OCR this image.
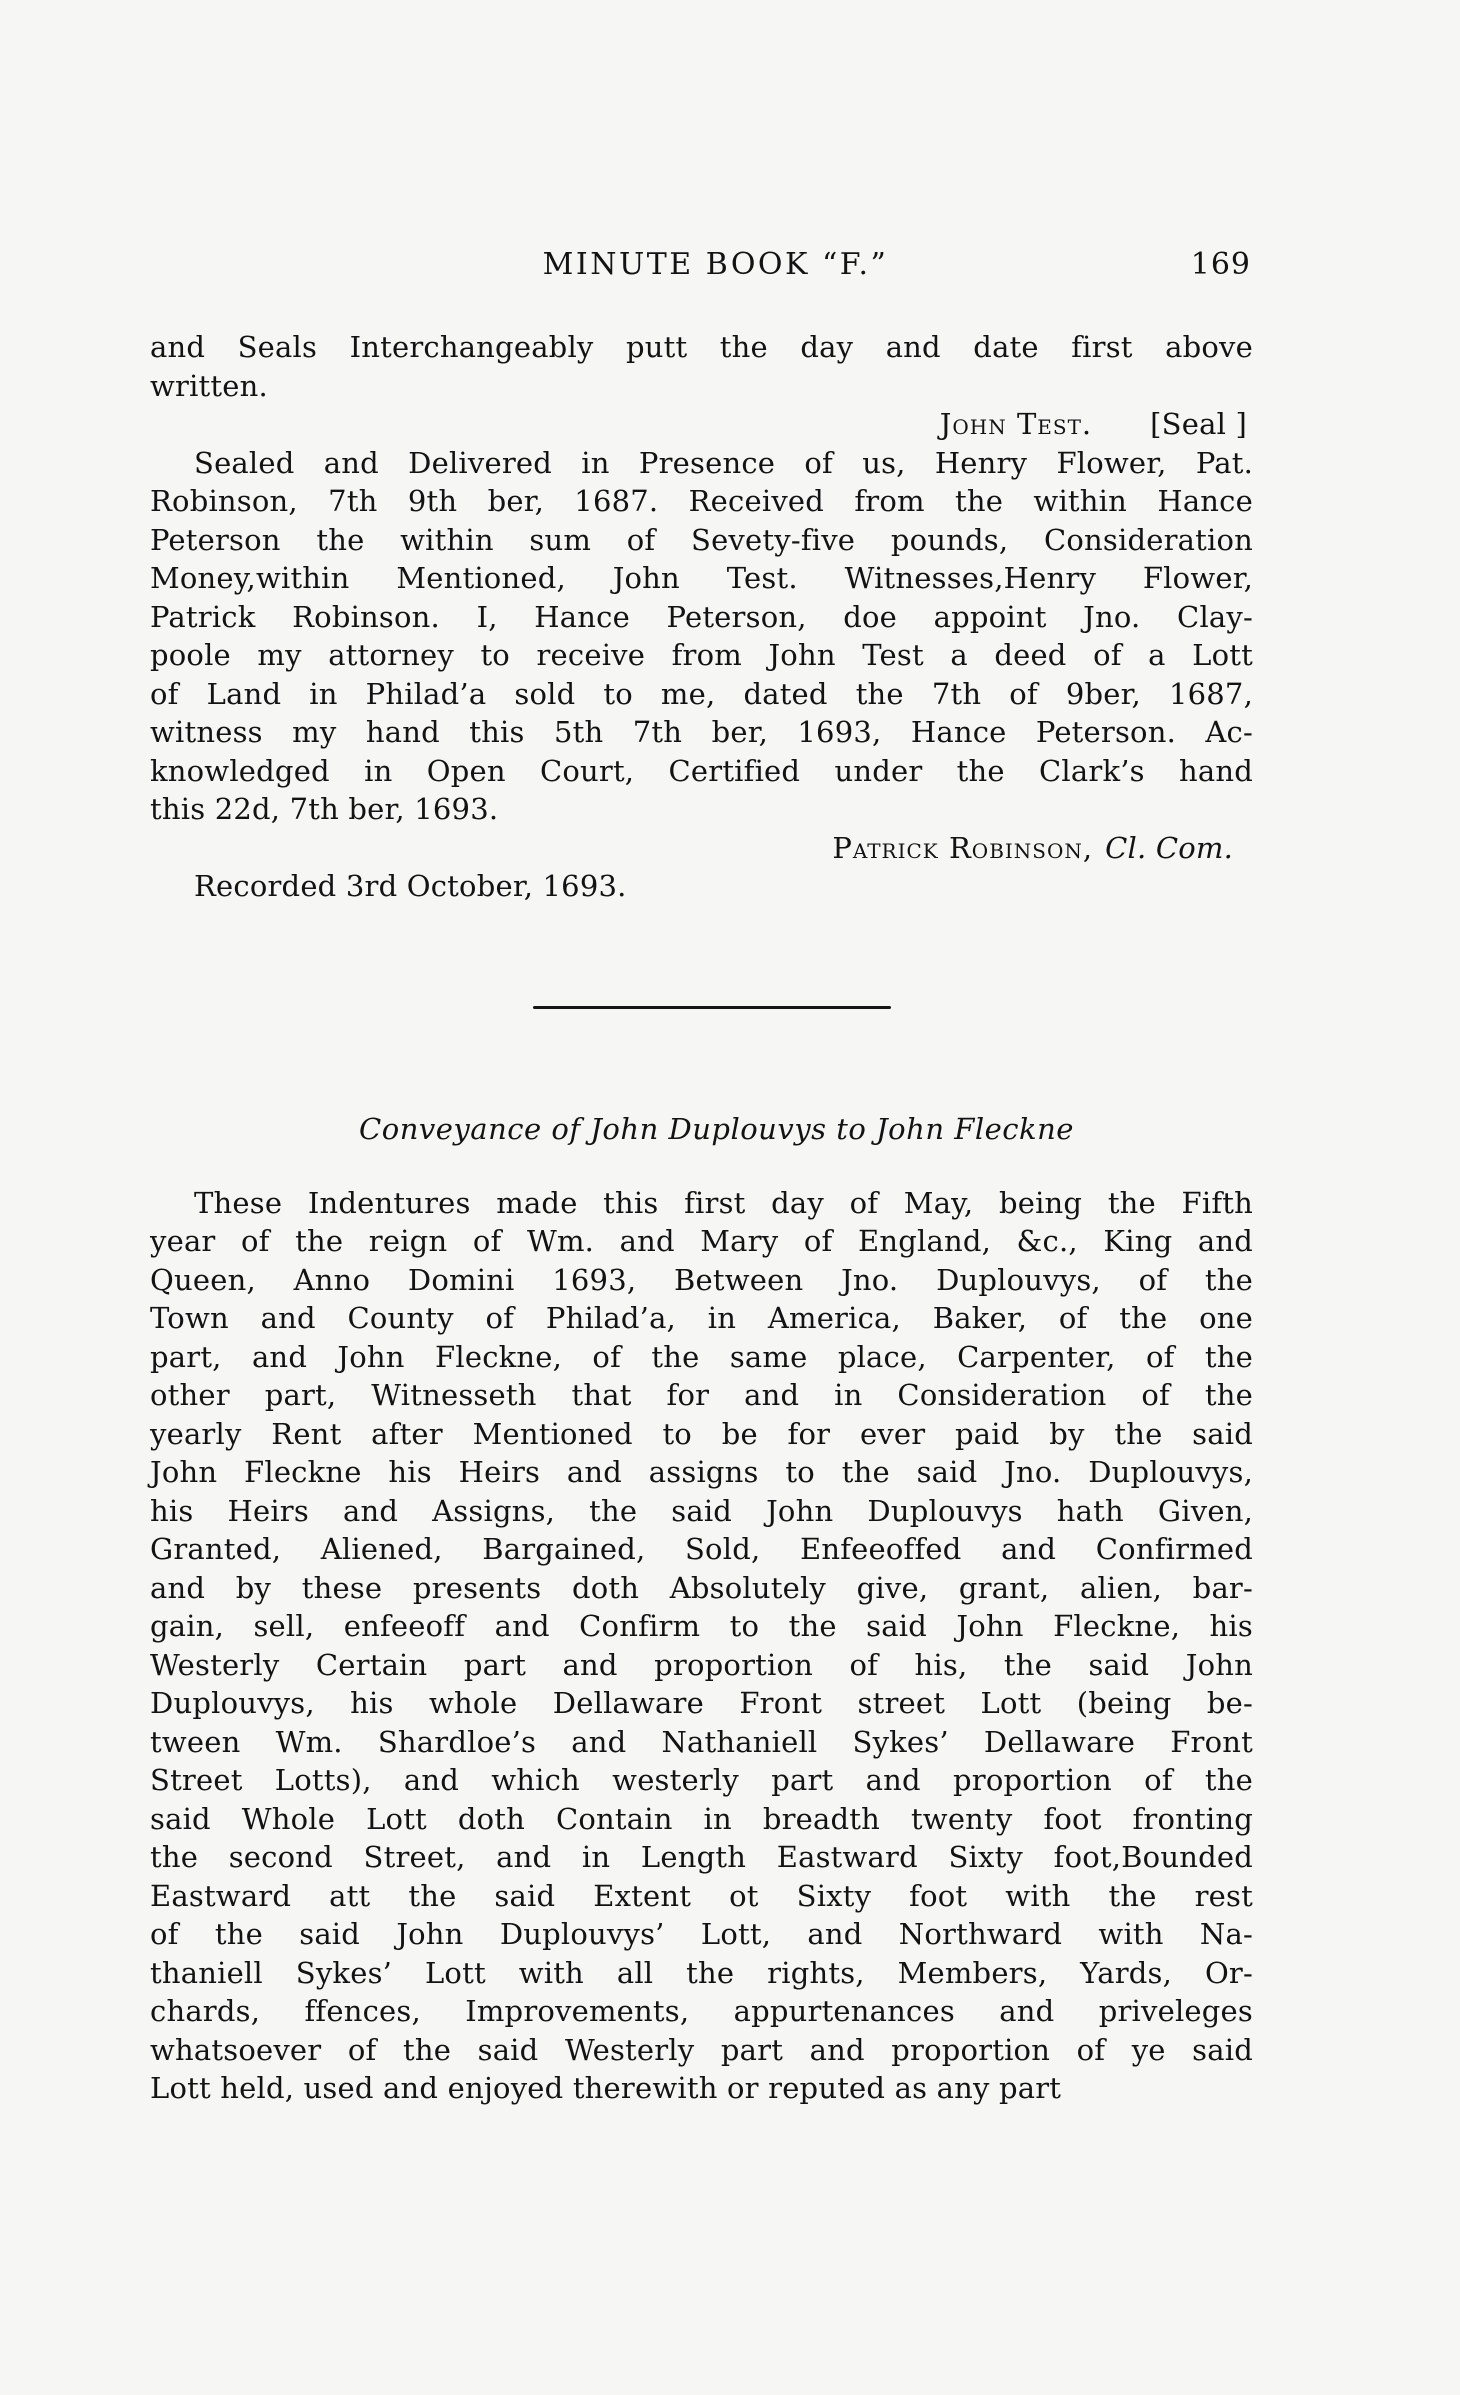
MINUTE BOOK “F.”	169
and Seals Interchangeably putt the day and date first above
written.
John Test. [Seal ]
Sealed and Delivered in Presence of us, Henry Flower, Pat.
Robinson, 7th 9th ber, 1687. Received from the within Hance
Peterson the within sum of Sevety-five pounds, Consideration
Money,within Mentioned, John Test. Witnesses,Henry Flower,
Patrick Robinson. I, Hance Peterson, doe appoint Jno. Clay-
poole my attorney to receive from John Test a deed of a Lott
of Land in Philad’a sold to me, dated the 7th of 9ber, 1687,
witness my hand this 5th 7th ber, 1693, Hance Peterson. Ac-
knowledged in Open Court, Certified under the Clark’s hand
this 22d, 7th ber, 1693.
Patrick Robinson, Cl. Com.
Recorded 3rd October, 1693.
Conveyance of John Duplouvys to John Fleckne
These Indentures made this first day of May, being the Fifth
year of the reign of Wm. and Mary of England, &c., King and
Queen, Anno Domini 1693, Between Jno. Duplouvys, of the
Town and County of Philad’a, in America, Baker, of the one
part, and John Fleckne, of the same place, Carpenter, of the
other part, Witnesseth that for and in Consideration of the
yearly Rent after Mentioned to be for ever paid by the said
John Fleckne his Heirs and assigns to the said Jno. Duplouvys,
his Heirs and Assigns, the said John Duplouvys hath Given,
Granted, Aliened, Bargained, Sold, Enfeeoffed and Confirmed
and by these presents doth Absolutely give, grant, alien, bar-
gain, sell, enfeeoff and Confirm to the said John Fleckne, his
Westerly Certain part and proportion of his, the said John
Duplouvys, his whole Dellaware Front street Lott (being be-
tween Wm. Shardloe’s and Nathaniell Sykes’ Dellaware Front
Street Lotts), and which westerly part and proportion of the
said Whole Lott doth Contain in breadth twenty foot fronting
the second Street, and in Length Eastward Sixty foot,Bounded
Eastward att the said Extent ot Sixty foot with the rest
of the said John Duplouvys’ Lott, and Northward with Na-
thaniell Sykes’ Lott with all the rights, Members, Yards, Or-
chards, ffences, Improvements, appurtenances and priveleges
whatsoever of the said Westerly part and proportion of ye said
Lott held, used and enjoyed therewith or reputed as any part
